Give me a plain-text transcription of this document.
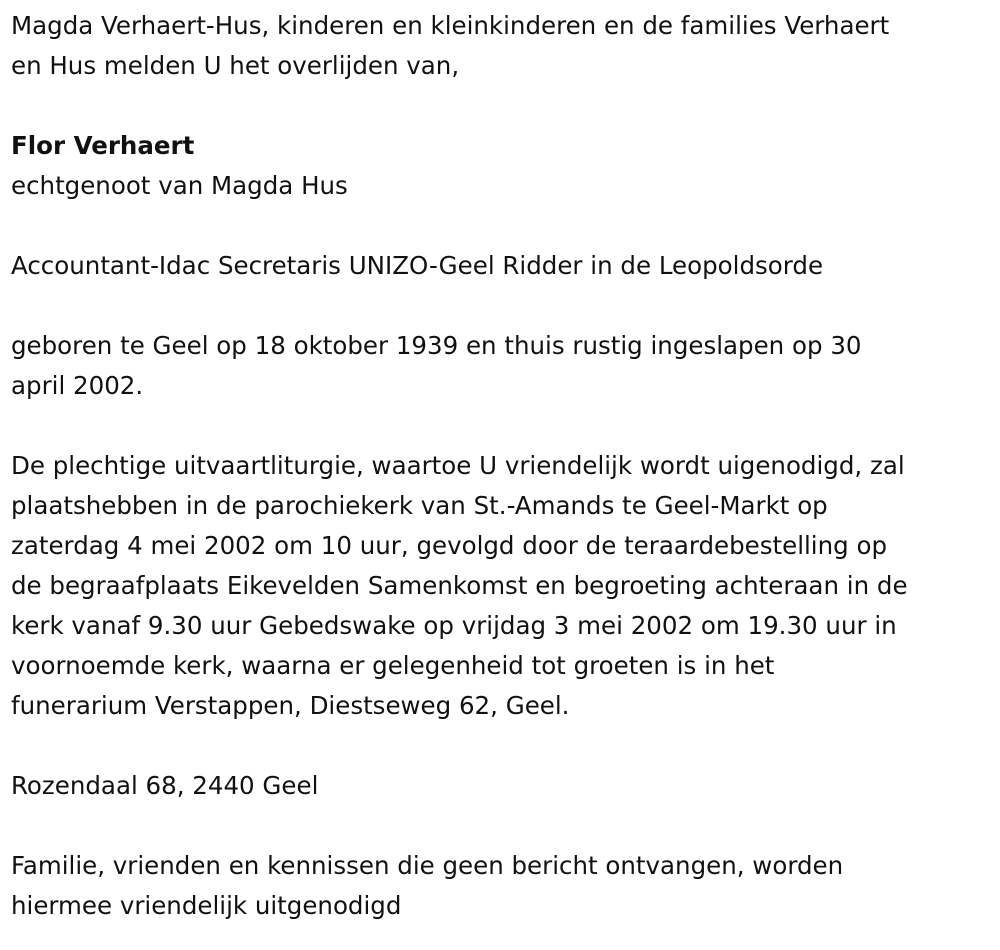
Magda Verhaert-Hus, kinderen en kleinkinderen en de families Verhaert
en Hus melden U het overlijden van,

Flor Verhaert

echtgenoot van Magda Hus

Accountant-Idac Secretaris UNIZO-Geel Ridder in de Leopoldsorde

geboren te Geel op 18 oktober 1939 en thuis rustig ingeslapen op 30
april 2002.

De plechtige uitvaartliturgie, waartoe U vriendelijk wordt uigenodigd, zal
plaatshebben in de parochiekerk van St.-Amands te Geel-Markt op
zaterdag 4 mei 2002 om 10 uur, gevolgd door de teraardebestelling op
de begraafplaats Eikevelden Samenkomst en begroeting achteraan in de
kerk vanaf 9.30 uur Gebedswake op vrijdag 3 mei 2002 om 19.30 uur in
voornoemde kerk, waarna er gelegenheid tot groeten is in het
funerarium Verstappen, Diestseweg 62, Geel.

Rozendaal 68, 2440 Geel

Familie, vrienden en kennissen die geen bericht ontvangen, worden
hiermee vriendelijk uitgenodigd
